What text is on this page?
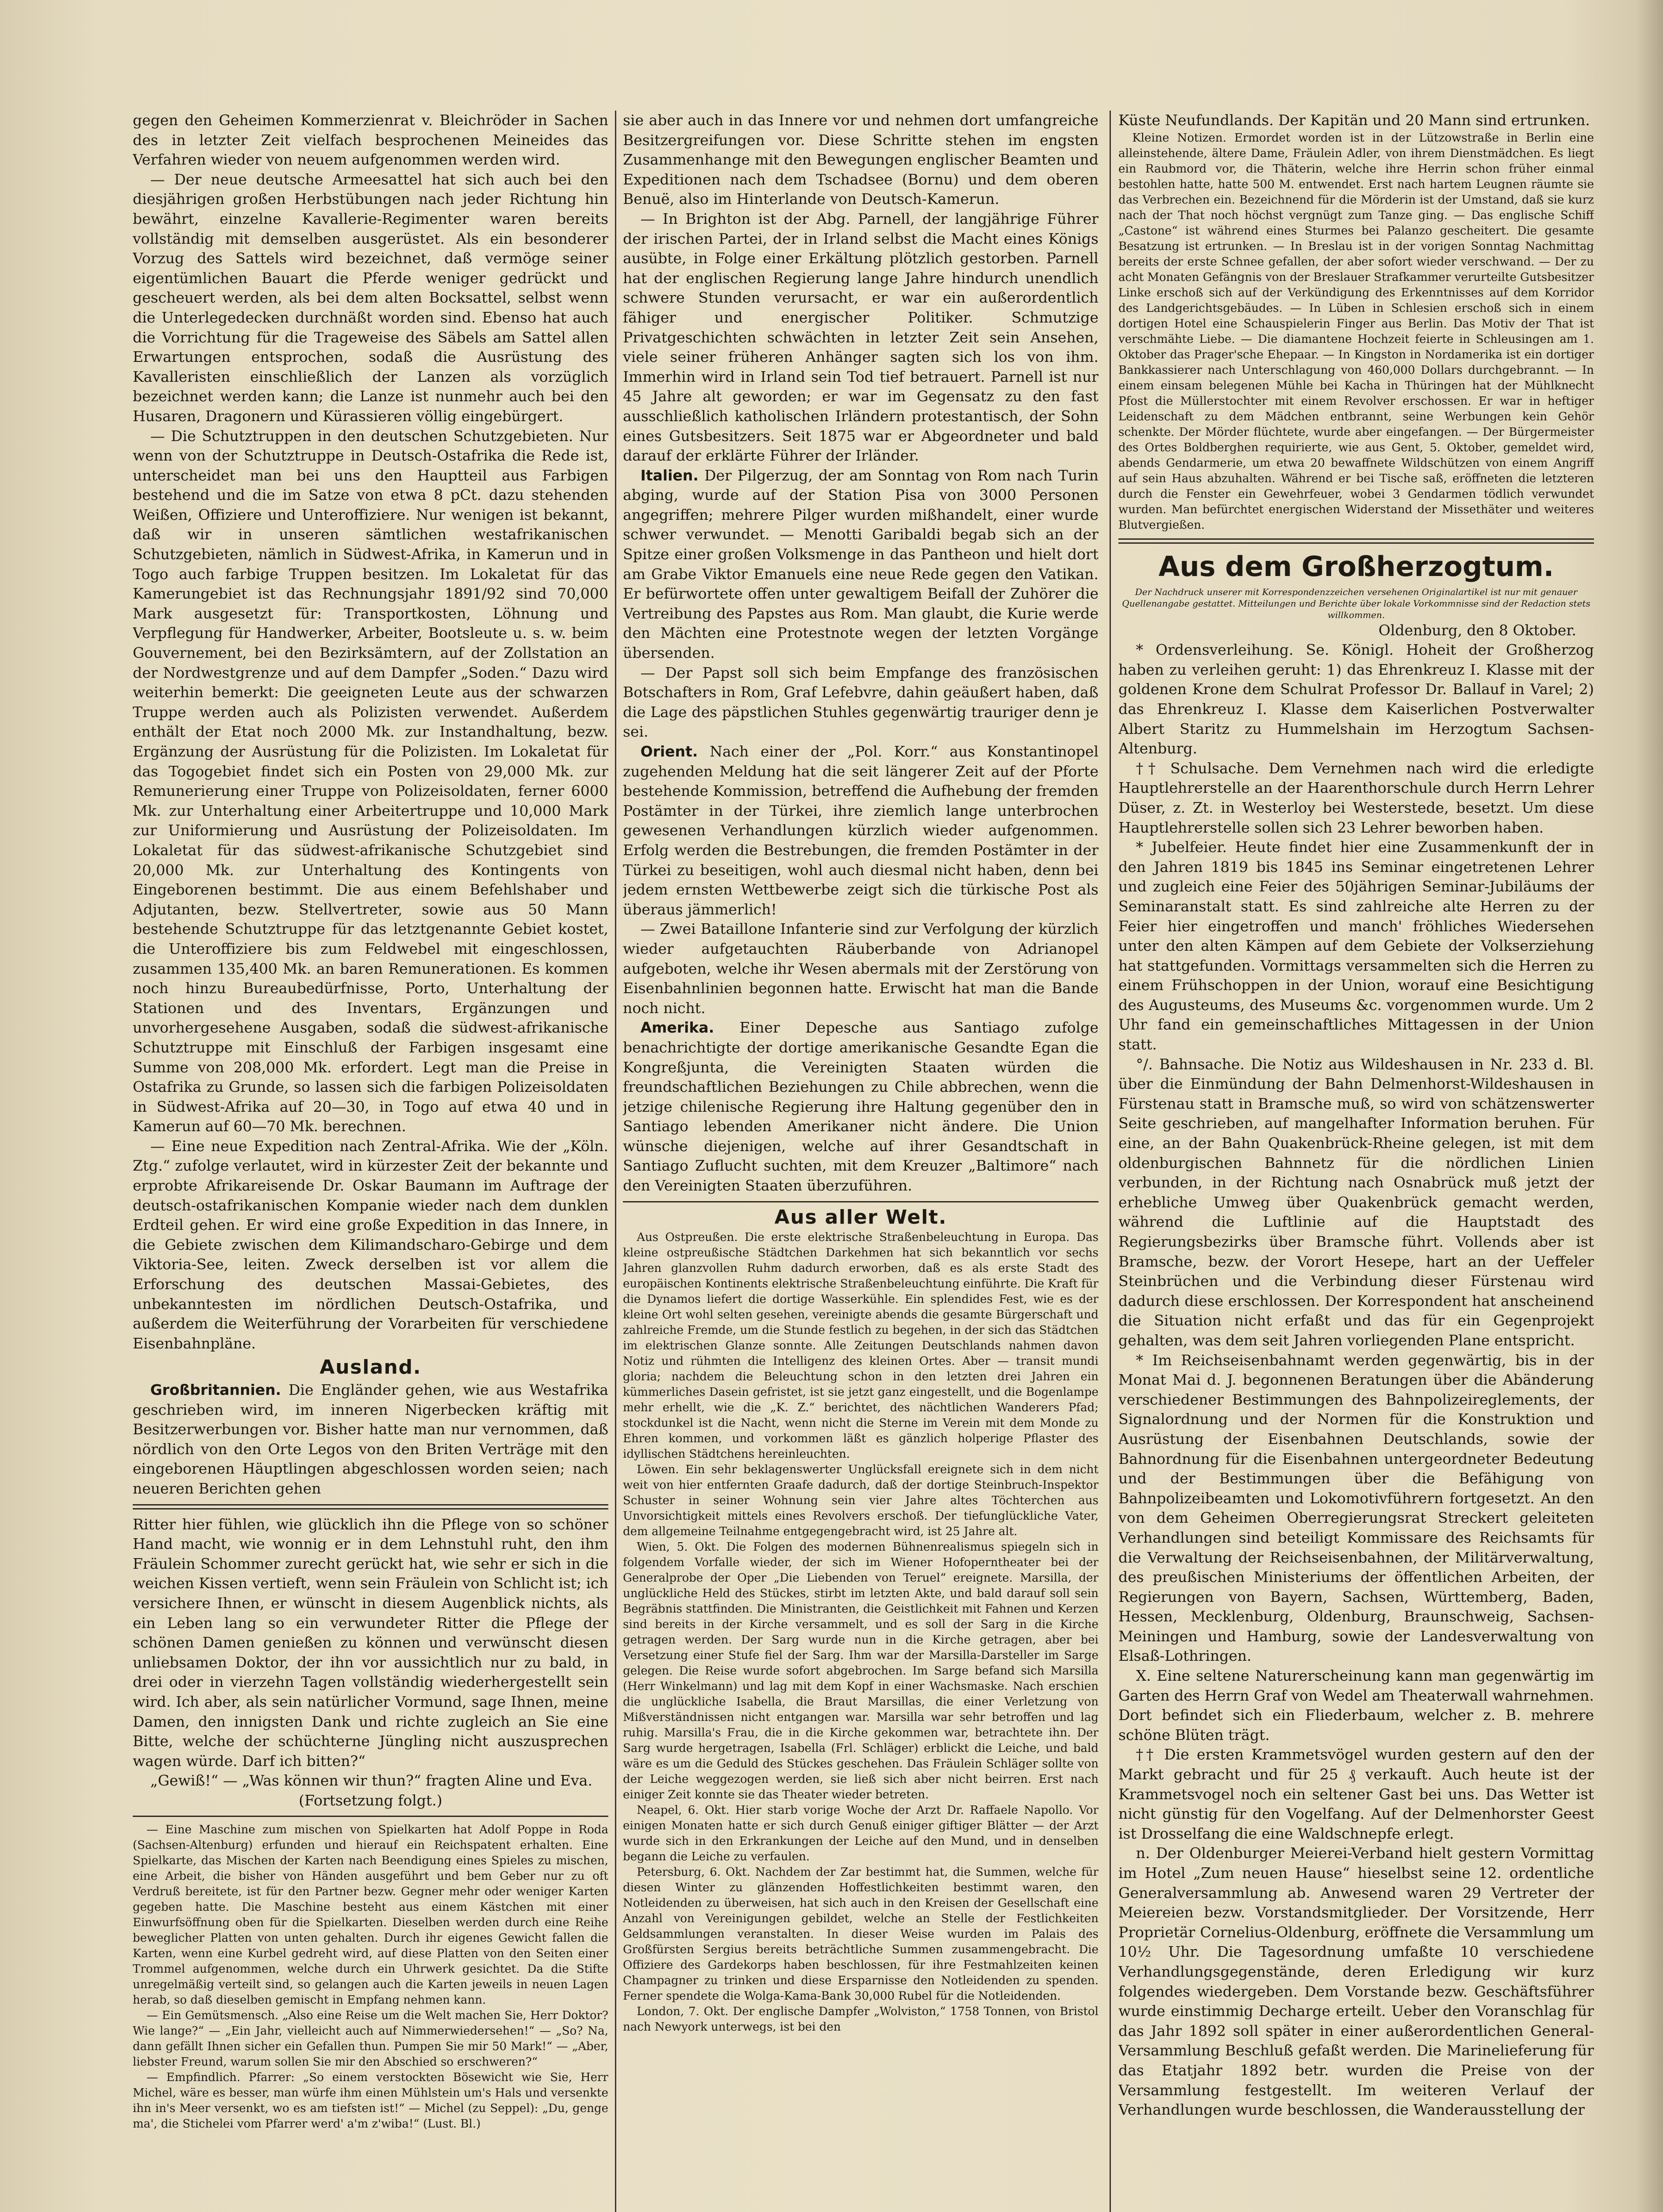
gegen den Geheimen Kommerzienrat v. Bleichröder in Sachen des in letzter Zeit vielfach besprochenen Meineides das Verfahren wieder von neuem aufgenommen werden wird.

— Der neue deutsche Armeesattel hat sich auch bei den diesjährigen großen Herbstübungen nach jeder Richtung hin bewährt, einzelne Kavallerie-Regimenter waren bereits vollständig mit demselben ausgerüstet. Als ein besonderer Vorzug des Sattels wird bezeichnet, daß vermöge seiner eigentümlichen Bauart die Pferde weniger gedrückt und gescheuert werden, als bei dem alten Bocksattel, selbst wenn die Unterlegedecken durchnäßt worden sind. Ebenso hat auch die Vorrichtung für die Trageweise des Säbels am Sattel allen Erwartungen entsprochen, sodaß die Ausrüstung des Kavalleristen einschließlich der Lanzen als vorzüglich bezeichnet werden kann; die Lanze ist nunmehr auch bei den Husaren, Dragonern und Kürassieren völlig eingebürgert.

— Die Schutztruppen in den deutschen Schutzgebieten. Nur wenn von der Schutztruppe in Deutsch-Ostafrika die Rede ist, unterscheidet man bei uns den Hauptteil aus Farbigen bestehend und die im Satze von etwa 8 pCt. dazu stehenden Weißen, Offiziere und Unteroffiziere. Nur wenigen ist bekannt, daß wir in unseren sämtlichen westafrikanischen Schutzgebieten, nämlich in Südwest-Afrika, in Kamerun und in Togo auch farbige Truppen besitzen. Im Lokaletat für das Kamerungebiet ist das Rechnungsjahr 1891/92 sind 70,000 Mark ausgesetzt für: Transportkosten, Löhnung und Verpflegung für Handwerker, Arbeiter, Bootsleute u. s. w. beim Gouvernement, bei den Bezirksämtern, auf der Zollstation an der Nordwestgrenze und auf dem Dampfer „Soden.“ Dazu wird weiterhin bemerkt: Die geeigneten Leute aus der schwarzen Truppe werden auch als Polizisten verwendet. Außerdem enthält der Etat noch 2000 Mk. zur Instandhaltung, bezw. Ergänzung der Ausrüstung für die Polizisten. Im Lokaletat für das Togogebiet findet sich ein Posten von 29,000 Mk. zur Remunerierung einer Truppe von Polizeisoldaten, ferner 6000 Mk. zur Unterhaltung einer Arbeitertruppe und 10,000 Mark zur Uniformierung und Ausrüstung der Polizeisoldaten. Im Lokaletat für das südwest-afrikanische Schutzgebiet sind 20,000 Mk. zur Unterhaltung des Kontingents von Eingeborenen bestimmt. Die aus einem Befehlshaber und Adjutanten, bezw. Stellvertreter, sowie aus 50 Mann bestehende Schutztruppe für das letztgenannte Gebiet kostet, die Unteroffiziere bis zum Feldwebel mit eingeschlossen, zusammen 135,400 Mk. an baren Remunerationen. Es kommen noch hinzu Bureaubedürfnisse, Porto, Unterhaltung der Stationen und des Inventars, Ergänzungen und unvorhergesehene Ausgaben, sodaß die südwest-afrikanische Schutztruppe mit Einschluß der Farbigen insgesamt eine Summe von 208,000 Mk. erfordert. Legt man die Preise in Ostafrika zu Grunde, so lassen sich die farbigen Polizeisoldaten in Südwest-Afrika auf 20—30, in Togo auf etwa 40 und in Kamerun auf 60—70 Mk. berechnen.

— Eine neue Expedition nach Zentral-Afrika. Wie der „Köln. Ztg.“ zufolge verlautet, wird in kürzester Zeit der bekannte und erprobte Afrikareisende Dr. Oskar Baumann im Auftrage der deutsch-ostafrikanischen Kompanie wieder nach dem dunklen Erdteil gehen. Er wird eine große Expedition in das Innere, in die Gebiete zwischen dem Kilimandscharo-Gebirge und dem Viktoria-See, leiten. Zweck derselben ist vor allem die Erforschung des deutschen Massai-Gebietes, des unbekanntesten im nördlichen Deutsch-Ostafrika, und außerdem die Weiterführung der Vorarbeiten für verschiedene Eisenbahnpläne.

Ausland.

Großbritannien. Die Engländer gehen, wie aus Westafrika geschrieben wird, im inneren Nigerbecken kräftig mit Besitzerwerbungen vor. Bisher hatte man nur vernommen, daß nördlich von den Orte Legos von den Briten Verträge mit den eingeborenen Häuptlingen abgeschlossen worden seien; nach neueren Berichten gehen

Ritter hier fühlen, wie glücklich ihn die Pflege von so schöner Hand macht, wie wonnig er in dem Lehnstuhl ruht, den ihm Fräulein Schommer zurecht gerückt hat, wie sehr er sich in die weichen Kissen vertieft, wenn sein Fräulein von Schlicht ist; ich versichere Ihnen, er wünscht in diesem Augenblick nichts, als ein Leben lang so ein verwundeter Ritter die Pflege der schönen Damen genießen zu können und verwünscht diesen unliebsamen Doktor, der ihn vor aussichtlich nur zu bald, in drei oder in vierzehn Tagen vollständig wiederhergestellt sein wird. Ich aber, als sein natürlicher Vormund, sage Ihnen, meine Damen, den innigsten Dank und richte zugleich an Sie eine Bitte, welche der schüchterne Jüngling nicht auszusprechen wagen würde. Darf ich bitten?“

„Gewiß!“ — „Was können wir thun?“ fragten Aline und Eva.

(Fortsetzung folgt.)

— Eine Maschine zum mischen von Spielkarten hat Adolf Poppe in Roda (Sachsen-Altenburg) erfunden und hierauf ein Reichspatent erhalten. Eine Spielkarte, das Mischen der Karten nach Beendigung eines Spieles zu mischen, eine Arbeit, die bisher von Händen ausgeführt und bem Geber nur zu oft Verdruß bereitete, ist für den Partner bezw. Gegner mehr oder weniger Karten gegeben hatte. Die Maschine besteht aus einem Kästchen mit einer Einwurfsöffnung oben für die Spielkarten. Dieselben werden durch eine Reihe beweglicher Platten von unten gehalten. Durch ihr eigenes Gewicht fallen die Karten, wenn eine Kurbel gedreht wird, auf diese Platten von den Seiten einer Trommel aufgenommen, welche durch ein Uhrwerk gesichtet. Da die Stifte unregelmäßig verteilt sind, so gelangen auch die Karten jeweils in neuen Lagen herab, so daß dieselben gemischt in Empfang nehmen kann.

— Ein Gemütsmensch. „Also eine Reise um die Welt machen Sie, Herr Doktor? Wie lange?“ — „Ein Jahr, vielleicht auch auf Nimmerwiedersehen!“ — „So? Na, dann gefällt Ihnen sicher ein Gefallen thun. Pumpen Sie mir 50 Mark!“ — „Aber, liebster Freund, warum sollen Sie mir den Abschied so erschweren?“

— Empfindlich. Pfarrer: „So einem verstockten Bösewicht wie Sie, Herr Michel, wäre es besser, man würfe ihm einen Mühlstein um's Hals und versenkte ihn in's Meer versenkt, wo es am tiefsten ist!“ — Michel (zu Seppel): „Du, genge ma', die Stichelei vom Pfarrer werd' a'm z'wiba!“ (Lust. Bl.)

sie aber auch in das Innere vor und nehmen dort umfangreiche Besitzergreifungen vor. Diese Schritte stehen im engsten Zusammenhange mit den Bewegungen englischer Beamten und Expeditionen nach dem Tschadsee (Bornu) und dem oberen Benuë, also im Hinterlande von Deutsch-Kamerun.

— In Brighton ist der Abg. Parnell, der langjährige Führer der irischen Partei, der in Irland selbst die Macht eines Königs ausübte, in Folge einer Erkältung plötzlich gestorben. Parnell hat der englischen Regierung lange Jahre hindurch unendlich schwere Stunden verursacht, er war ein außerordentlich fähiger und energischer Politiker. Schmutzige Privatgeschichten schwächten in letzter Zeit sein Ansehen, viele seiner früheren Anhänger sagten sich los von ihm. Immerhin wird in Irland sein Tod tief betrauert. Parnell ist nur 45 Jahre alt geworden; er war im Gegensatz zu den fast ausschließlich katholischen Irländern protestantisch, der Sohn eines Gutsbesitzers. Seit 1875 war er Abgeordneter und bald darauf der erklärte Führer der Irländer.

Italien. Der Pilgerzug, der am Sonntag von Rom nach Turin abging, wurde auf der Station Pisa von 3000 Personen angegriffen; mehrere Pilger wurden mißhandelt, einer wurde schwer verwundet. — Menotti Garibaldi begab sich an der Spitze einer großen Volksmenge in das Pantheon und hielt dort am Grabe Viktor Emanuels eine neue Rede gegen den Vatikan. Er befürwortete offen unter gewaltigem Beifall der Zuhörer die Vertreibung des Papstes aus Rom. Man glaubt, die Kurie werde den Mächten eine Protestnote wegen der letzten Vorgänge übersenden.

— Der Papst soll sich beim Empfange des französischen Botschafters in Rom, Graf Lefebvre, dahin geäußert haben, daß die Lage des päpstlichen Stuhles gegenwärtig trauriger denn je sei.

Orient. Nach einer der „Pol. Korr.“ aus Konstantinopel zugehenden Meldung hat die seit längerer Zeit auf der Pforte bestehende Kommission, betreffend die Aufhebung der fremden Postämter in der Türkei, ihre ziemlich lange unterbrochen gewesenen Verhandlungen kürzlich wieder aufgenommen. Erfolg werden die Bestrebungen, die fremden Postämter in der Türkei zu beseitigen, wohl auch diesmal nicht haben, denn bei jedem ernsten Wettbewerbe zeigt sich die türkische Post als überaus jämmerlich!

— Zwei Bataillone Infanterie sind zur Verfolgung der kürzlich wieder aufgetauchten Räuberbande von Adrianopel aufgeboten, welche ihr Wesen abermals mit der Zerstörung von Eisenbahnlinien begonnen hatte. Erwischt hat man die Bande noch nicht.

Amerika. Einer Depesche aus Santiago zufolge benachrichtigte der dortige amerikanische Gesandte Egan die Kongreßjunta, die Vereinigten Staaten würden die freundschaftlichen Beziehungen zu Chile abbrechen, wenn die jetzige chilenische Regierung ihre Haltung gegenüber den in Santiago lebenden Amerikaner nicht ändere. Die Union wünsche diejenigen, welche auf ihrer Gesandtschaft in Santiago Zuflucht suchten, mit dem Kreuzer „Baltimore“ nach den Vereinigten Staaten überzuführen.

Aus aller Welt.

Aus Ostpreußen. Die erste elektrische Straßenbeleuchtung in Europa. Das kleine ostpreußische Städtchen Darkehmen hat sich bekanntlich vor sechs Jahren glanzvollen Ruhm dadurch erworben, daß es als erste Stadt des europäischen Kontinents elektrische Straßenbeleuchtung einführte. Die Kraft für die Dynamos liefert die dortige Wasserkühle. Ein splendides Fest, wie es der kleine Ort wohl selten gesehen, vereinigte abends die gesamte Bürgerschaft und zahlreiche Fremde, um die Stunde festlich zu begehen, in der sich das Städtchen im elektrischen Glanze sonnte. Alle Zeitungen Deutschlands nahmen davon Notiz und rühmten die Intelligenz des kleinen Ortes. Aber — transit mundi gloria; nachdem die Beleuchtung schon in den letzten drei Jahren ein kümmerliches Dasein gefristet, ist sie jetzt ganz eingestellt, und die Bogenlampe mehr erhellt, wie die „K. Z.“ berichtet, des nächtlichen Wanderers Pfad; stockdunkel ist die Nacht, wenn nicht die Sterne im Verein mit dem Monde zu Ehren kommen, und vorkommen läßt es gänzlich holperige Pflaster des idyllischen Städtchens hereinleuchten.

Löwen. Ein sehr beklagenswerter Unglücksfall ereignete sich in dem nicht weit von hier entfernten Graafe dadurch, daß der dortige Steinbruch-Inspektor Schuster in seiner Wohnung sein vier Jahre altes Töchterchen aus Unvorsichtigkeit mittels eines Revolvers erschoß. Der tiefunglückliche Vater, dem allgemeine Teilnahme entgegengebracht wird, ist 25 Jahre alt.

Wien, 5. Okt. Die Folgen des modernen Bühnenrealismus spiegeln sich in folgendem Vorfalle wieder, der sich im Wiener Hofoperntheater bei der Generalprobe der Oper „Die Liebenden von Teruel“ ereignete. Marsilla, der unglückliche Held des Stückes, stirbt im letzten Akte, und bald darauf soll sein Begräbnis stattfinden. Die Ministranten, die Geistlichkeit mit Fahnen und Kerzen sind bereits in der Kirche versammelt, und es soll der Sarg in die Kirche getragen werden. Der Sarg wurde nun in die Kirche getragen, aber bei Versetzung einer Stufe fiel der Sarg. Ihm war der Marsilla-Darsteller im Sarge gelegen. Die Reise wurde sofort abgebrochen. Im Sarge befand sich Marsilla (Herr Winkelmann) und lag mit dem Kopf in einer Wachsmaske. Nach erschien die unglückliche Isabella, die Braut Marsillas, die einer Verletzung von Mißverständnissen nicht entgangen war. Marsilla war sehr betroffen und lag ruhig. Marsilla's Frau, die in die Kirche gekommen war, betrachtete ihn. Der Sarg wurde hergetragen, Isabella (Frl. Schläger) erblickt die Leiche, und bald wäre es um die Geduld des Stückes geschehen. Das Fräulein Schläger sollte von der Leiche weggezogen werden, sie ließ sich aber nicht beirren. Erst nach einiger Zeit konnte sie das Theater wieder betreten.

Neapel, 6. Okt. Hier starb vorige Woche der Arzt Dr. Raffaele Napollo. Vor einigen Monaten hatte er sich durch Genuß einiger giftiger Blätter — der Arzt wurde sich in den Erkrankungen der Leiche auf den Mund, und in denselben begann die Leiche zu verfaulen.

Petersburg, 6. Okt. Nachdem der Zar bestimmt hat, die Summen, welche für diesen Winter zu glänzenden Hoffestlichkeiten bestimmt waren, den Notleidenden zu überweisen, hat sich auch in den Kreisen der Gesellschaft eine Anzahl von Vereinigungen gebildet, welche an Stelle der Festlichkeiten Geldsammlungen veranstalten. In dieser Weise wurden im Palais des Großfürsten Sergius bereits beträchtliche Summen zusammengebracht. Die Offiziere des Gardekorps haben beschlossen, für ihre Festmahlzeiten keinen Champagner zu trinken und diese Ersparnisse den Notleidenden zu spenden. Ferner spendete die Wolga-Kama-Bank 30,000 Rubel für die Notleidenden.

London, 7. Okt. Der englische Dampfer „Wolviston,“ 1758 Tonnen, von Bristol nach Newyork unterwegs, ist bei den

Küste Neufundlands. Der Kapitän und 20 Mann sind ertrunken.

Kleine Notizen. Ermordet worden ist in der Lützowstraße in Berlin eine alleinstehende, ältere Dame, Fräulein Adler, von ihrem Dienstmädchen. Es liegt ein Raubmord vor, die Thäterin, welche ihre Herrin schon früher einmal bestohlen hatte, hatte 500 M. entwendet. Erst nach hartem Leugnen räumte sie das Verbrechen ein. Bezeichnend für die Mörderin ist der Umstand, daß sie kurz nach der That noch höchst vergnügt zum Tanze ging. — Das englische Schiff „Castone“ ist während eines Sturmes bei Palanzo gescheitert. Die gesamte Besatzung ist ertrunken. — In Breslau ist in der vorigen Sonntag Nachmittag bereits der erste Schnee gefallen, der aber sofort wieder verschwand. — Der zu acht Monaten Gefängnis von der Breslauer Strafkammer verurteilte Gutsbesitzer Linke erschoß sich auf der Verkündigung des Erkenntnisses auf dem Korridor des Landgerichtsgebäudes. — In Lüben in Schlesien erschoß sich in einem dortigen Hotel eine Schauspielerin Finger aus Berlin. Das Motiv der That ist verschmähte Liebe. — Die diamantene Hochzeit feierte in Schleusingen am 1. Oktober das Prager'sche Ehepaar. — In Kingston in Nordamerika ist ein dortiger Bankkassierer nach Unterschlagung von 460,000 Dollars durchgebrannt. — In einem einsam belegenen Mühle bei Kacha in Thüringen hat der Mühlknecht Pfost die Müllerstochter mit einem Revolver erschossen. Er war in heftiger Leidenschaft zu dem Mädchen entbrannt, seine Werbungen kein Gehör schenkte. Der Mörder flüchtete, wurde aber eingefangen. — Der Bürgermeister des Ortes Boldberghen requirierte, wie aus Gent, 5. Oktober, gemeldet wird, abends Gendarmerie, um etwa 20 bewaffnete Wildschützen von einem Angriff auf sein Haus abzuhalten. Während er bei Tische saß, eröffneten die letzteren durch die Fenster ein Gewehrfeuer, wobei 3 Gendarmen tödlich verwundet wurden. Man befürchtet energischen Widerstand der Missethäter und weiteres Blutvergießen.

Aus dem Großherzogtum.
Der Nachdruck unserer mit Korrespondenzzeichen versehenen Originalartikel ist nur mit genauer Quellenangabe gestattet. Mitteilungen und Berichte über lokale Vorkommnisse sind der Redaction stets willkommen.

Oldenburg, den 8 Oktober.

* Ordensverleihung. Se. Königl. Hoheit der Großherzog haben zu verleihen geruht: 1) das Ehrenkreuz I. Klasse mit der goldenen Krone dem Schulrat Professor Dr. Ballauf in Varel; 2) das Ehrenkreuz I. Klasse dem Kaiserlichen Postverwalter Albert Staritz zu Hummelshain im Herzogtum Sachsen-Altenburg.

†† Schulsache. Dem Vernehmen nach wird die erledigte Hauptlehrerstelle an der Haarenthorschule durch Herrn Lehrer Düser, z. Zt. in Westerloy bei Westerstede, besetzt. Um diese Hauptlehrerstelle sollen sich 23 Lehrer beworben haben.

* Jubelfeier. Heute findet hier eine Zusammenkunft der in den Jahren 1819 bis 1845 ins Seminar eingetretenen Lehrer und zugleich eine Feier des 50jährigen Seminar-Jubiläums der Seminaranstalt statt. Es sind zahlreiche alte Herren zu der Feier hier eingetroffen und manch' fröhliches Wiedersehen unter den alten Kämpen auf dem Gebiete der Volkserziehung hat stattgefunden. Vormittags versammelten sich die Herren zu einem Frühschoppen in der Union, worauf eine Besichtigung des Augusteums, des Museums &c. vorgenommen wurde. Um 2 Uhr fand ein gemeinschaftliches Mittagessen in der Union statt.

°/. Bahnsache. Die Notiz aus Wildeshausen in Nr. 233 d. Bl. über die Einmündung der Bahn Delmenhorst-Wildeshausen in Fürstenau statt in Bramsche muß, so wird von schätzenswerter Seite geschrieben, auf mangelhafter Information beruhen. Für eine, an der Bahn Quakenbrück-Rheine gelegen, ist mit dem oldenburgischen Bahnnetz für die nördlichen Linien verbunden, in der Richtung nach Osnabrück muß jetzt der erhebliche Umweg über Quakenbrück gemacht werden, während die Luftlinie auf die Hauptstadt des Regierungsbezirks über Bramsche führt. Vollends aber ist Bramsche, bezw. der Vorort Hesepe, hart an der Ueffeler Steinbrüchen und die Verbindung dieser Fürstenau wird dadurch diese erschlossen. Der Korrespondent hat anscheinend die Situation nicht erfaßt und das für ein Gegenprojekt gehalten, was dem seit Jahren vorliegenden Plane entspricht.

* Im Reichseisenbahnamt werden gegenwärtig, bis in der Monat Mai d. J. begonnenen Beratungen über die Abänderung verschiedener Bestimmungen des Bahnpolizeireglements, der Signalordnung und der Normen für die Konstruktion und Ausrüstung der Eisenbahnen Deutschlands, sowie der Bahnordnung für die Eisenbahnen untergeordneter Bedeutung und der Bestimmungen über die Befähigung von Bahnpolizeibeamten und Lokomotivführern fortgesetzt. An den von dem Geheimen Oberregierungsrat Streckert geleiteten Verhandlungen sind beteiligt Kommissare des Reichsamts für die Verwaltung der Reichseisenbahnen, der Militärverwaltung, des preußischen Ministeriums der öffentlichen Arbeiten, der Regierungen von Bayern, Sachsen, Württemberg, Baden, Hessen, Mecklenburg, Oldenburg, Braunschweig, Sachsen-Meiningen und Hamburg, sowie der Landesverwaltung von Elsaß-Lothringen.

X. Eine seltene Naturerscheinung kann man gegenwärtig im Garten des Herrn Graf von Wedel am Theaterwall wahrnehmen. Dort befindet sich ein Fliederbaum, welcher z. B. mehrere schöne Blüten trägt.

†† Die ersten Krammetsvögel wurden gestern auf den der Markt gebracht und für 25 ₰ verkauft. Auch heute ist der Krammetsvogel noch ein seltener Gast bei uns. Das Wetter ist nicht günstig für den Vogelfang. Auf der Delmenhorster Geest ist Drosselfang die eine Waldschnepfe erlegt.

n. Der Oldenburger Meierei-Verband hielt gestern Vormittag im Hotel „Zum neuen Hause“ hieselbst seine 12. ordentliche Generalversammlung ab. Anwesend waren 29 Vertreter der Meiereien bezw. Vorstandsmitglieder. Der Vorsitzende, Herr Proprietär Cornelius-Oldenburg, eröffnete die Versammlung um 10½ Uhr. Die Tagesordnung umfaßte 10 verschiedene Verhandlungsgegenstände, deren Erledigung wir kurz folgendes wiedergeben. Dem Vorstande bezw. Geschäftsführer wurde einstimmig Decharge erteilt. Ueber den Voranschlag für das Jahr 1892 soll später in einer außerordentlichen General-Versammlung Beschluß gefaßt werden. Die Marinelieferung für das Etatjahr 1892 betr. wurden die Preise von der Versammlung festgestellt. Im weiteren Verlauf der Verhandlungen wurde beschlossen, die Wanderausstellung der
